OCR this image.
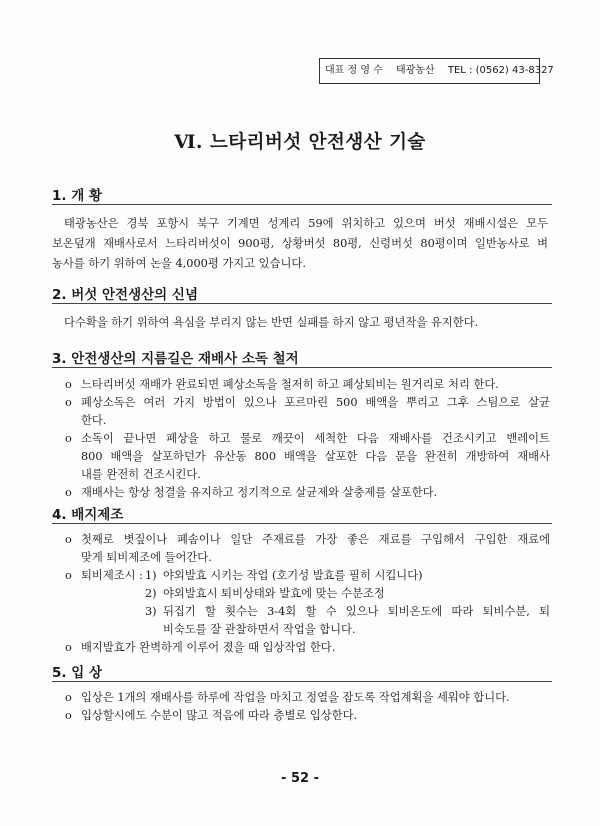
대표 정 영 수 태광농산 TEL : (0562) 43-8327
Ⅵ. 느타리버섯 안전생산 기술
1. 개 황

태광농산은 경북 포항시 북구 기계면 성계리 59에 위치하고 있으며 버섯 재배시설은 모두

보온덮개 재배사로서 느타리버섯이 900평, 상황버섯 80평, 신령버섯 80평이며 일반농사로 벼

농사를 하기 위하여 논을 4,000평 가지고 있습니다.

2. 버섯 안전생산의 신념

다수확을 하기 위하여 욕심을 부리지 않는 반면 실패를 하지 않고 평년작을 유지한다.

3. 안전생산의 지름길은 재배사 소독 철저
ο 느타리버섯 재배가 완료되면 폐상소독을 철저히 하고 폐상퇴비는 원거리로 처리 한다.

ο 폐상소독은 여러 가지 방법이 있으나 포르마린 500 배액을 뿌리고 그후 스팀으로 살균

한다.

ο 소독이 끝나면 폐상을 하고 물로 깨끗이 세척한 다음 재배사를 건조시키고 밴레이트

800 배액을 살포하던가 유산동 800 배액을 살포한 다음 문을 완전히 개방하여 재배사

내를 완전히 건조시킨다.

ο 재배사는 항상 청결을 유지하고 정기적으로 살균제와 살충제를 살포한다.

4. 배지제조
ο 첫째로 볏짚이나 폐솜이나 일단 주재료를 가장 좋은 재료를 구입해서 구입한 재료에

맞게 퇴비제조에 들어간다.

ο 퇴비제조시 : 1) 야외발효 시키는 작업 (호기성 발효를 필히 시킵니다)
2) 야외발효시 퇴비상태와 발효에 맞는 수분조정
3) 뒤집기 할 횟수는 3-4회 할 수 있으나 퇴비온도에 따라 퇴비수분, 퇴
비숙도를 잘 관찰하면서 작업을 합니다.
ο 배지발효가 완벽하게 이루어 졌을 때 입상작업 한다.

5. 입 상
ο 입상은 1개의 재배사를 하루에 작업을 마치고 정열을 잡도록 작업계획을 세워야 합니다.

ο 입상할시에도 수분이 많고 적음에 따라 층별로 입상한다.

- 52 -
